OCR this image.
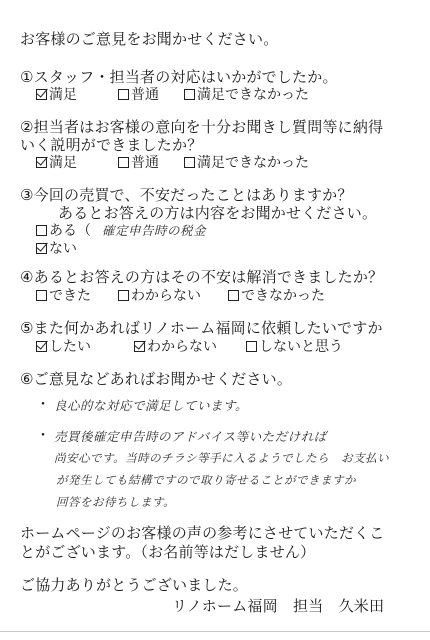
お客様のご意見をお聞かせください。
①スタッフ・担当者の対応はいかがでしたか。
満足	普通	満足できなかった
②担当者はお客様の意向を十分お聞きし質問等に納得
いく説明ができましたか？
満足	普通	満足できなかった
③今回の売買で、不安だったことはありますか？
あるとお答えの方は内容をお聞かせください。
ある（ 確定申告時の税金
ない
④あるとお答えの方はその不安は解消できましたか？
できた	わからない	できなかった
⑤また何かあればリノホーム福岡に依頼したいですか
したい	わからない	しないと思う
⑥ご意見などあればお聞かせください。
・ 良心的な対応で満足しています。
・ 売買後確定申告時のアドバイス等いただければ
尚安心です。当時のチラシ等手に入るようでしたら　お支払い
が発生しても結構ですので取り寄せることができますか
回答をお待ちします。
ホームページのお客様の声の参考にさせていただくこ
とがございます。（お名前等はだしません）
ご協力ありがとうございました。
リノホーム福岡　担当　久米田
